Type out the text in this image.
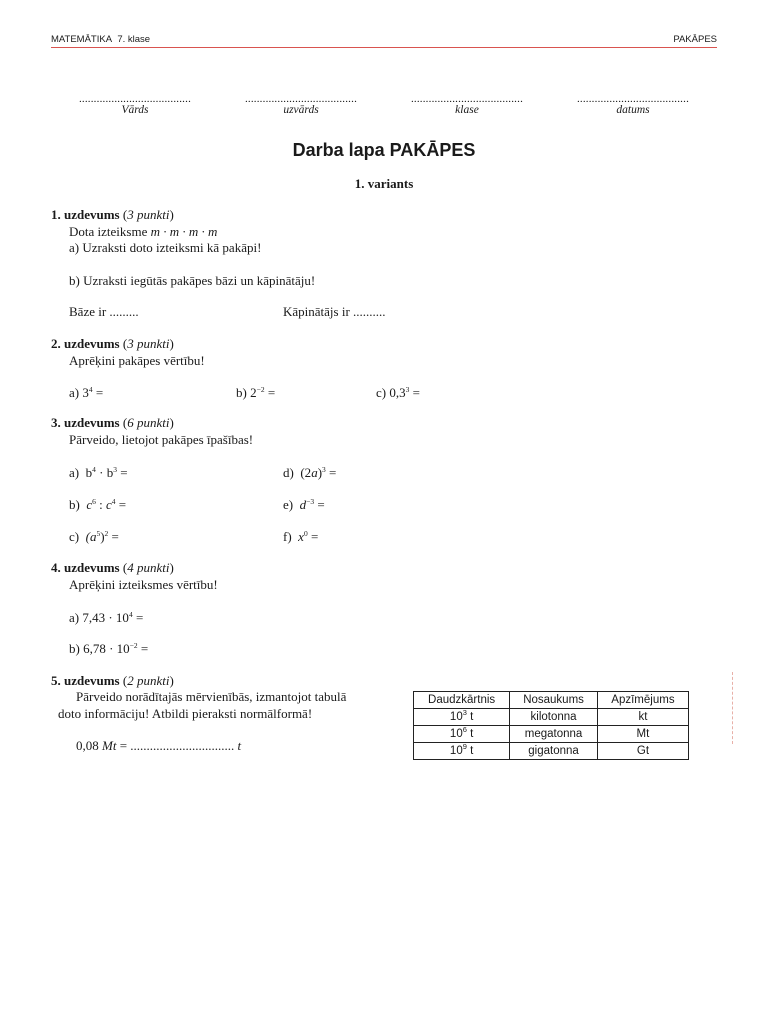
MATEMĀTIKA 7. klase	PAKĀPES
......................................
Vārds
......................................
uzvārds
......................................
klase
......................................
datums
Darba lapa PAKĀPES
1. variants
1. uzdevums (3 punkti)
Dota izteiksme m · m · m · m
a) Uzraksti doto izteiksmi kā pakāpi!
b) Uzraksti iegūtās pakāpes bāzi un kāpinātāju!
Bāze ir .........	Kāpinātājs ir ..........
2. uzdevums (3 punkti)
Aprēķini pakāpes vērtību!
a) $3^4$ =	b) $2^{-2}$ =	c) $0,3^3$ =
3. uzdevums (6 punkti)
Pārveido, lietojot pakāpes īpašības!
a) $b^4 \cdot b^3$ =
b) $c^6$ : $c^4$ =
c) $(a^5)^2$ =
d) $(2a)^3$ =
e) $d^{-3}$ =
f) $x^0$ =
4. uzdevums (4 punkti)
Aprēķini izteiksmes vērtību!
a) $7,43 \cdot 10^4$ =
b) $6,78 \cdot 10^{-2}$ =
5. uzdevums (2 punkti)
Pārveido norādītajās mērvienībās, izmantojot tabulā
doto informāciju! Atbildi pieraksti normālformā!
0,08 Mt = ................................ t
Daudzkārtnis	Nosaukums	Apzīmējums
$10^3$ t	kilotonna	kt
$10^6$ t	megatonna	Mt
$10^9$ t	gigatonna	Gt
